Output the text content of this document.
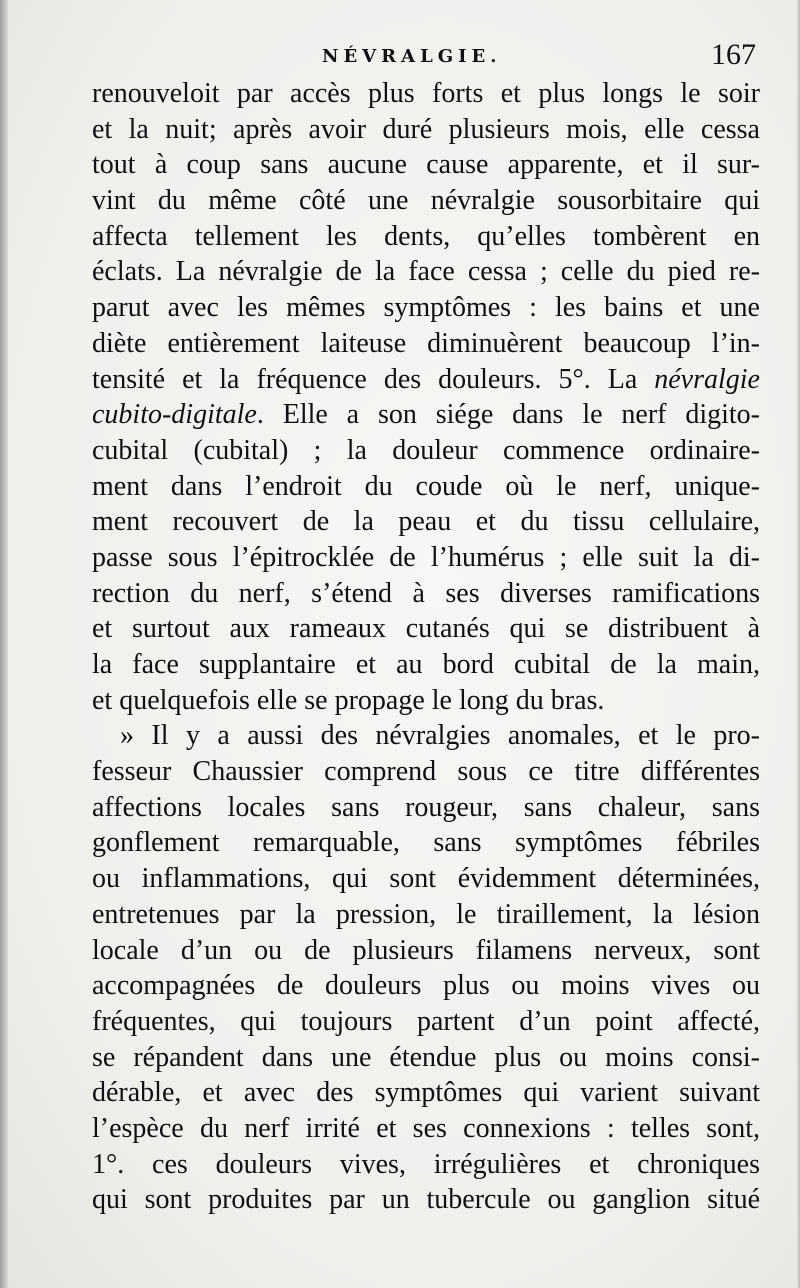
NÉVRALGIE.	167
renouveloit par accès plus forts et plus longs le soir
et la nuit; après avoir duré plusieurs mois, elle cessa
tout à coup sans aucune cause apparente, et il sur-
vint du même côté une névralgie sousorbitaire qui
affecta tellement les dents, qu’elles tombèrent en
éclats. La névralgie de la face cessa ; celle du pied re-
parut avec les mêmes symptômes : les bains et une
diète entièrement laiteuse diminuèrent beaucoup l’in-
tensité et la fréquence des douleurs. 5°. La névralgie
cubito-digitale. Elle a son siége dans le nerf digito-
cubital (cubital) ; la douleur commence ordinaire-
ment dans l’endroit du coude où le nerf, unique-
ment recouvert de la peau et du tissu cellulaire,
passe sous l’épitrocklée de l’humérus ; elle suit la di-
rection du nerf, s’étend à ses diverses ramifications
et surtout aux rameaux cutanés qui se distribuent à
la face supplantaire et au bord cubital de la main,
et quelquefois elle se propage le long du bras.
» Il y a aussi des névralgies anomales, et le pro-
fesseur Chaussier comprend sous ce titre différentes
affections locales sans rougeur, sans chaleur, sans
gonflement remarquable, sans symptômes fébriles
ou inflammations, qui sont évidemment déterminées,
entretenues par la pression, le tiraillement, la lésion
locale d’un ou de plusieurs filamens nerveux, sont
accompagnées de douleurs plus ou moins vives ou
fréquentes, qui toujours partent d’un point affecté,
se répandent dans une étendue plus ou moins consi-
dérable, et avec des symptômes qui varient suivant
l’espèce du nerf irrité et ses connexions : telles sont,
1°. ces douleurs vives, irrégulières et chroniques
qui sont produites par un tubercule ou ganglion situé
